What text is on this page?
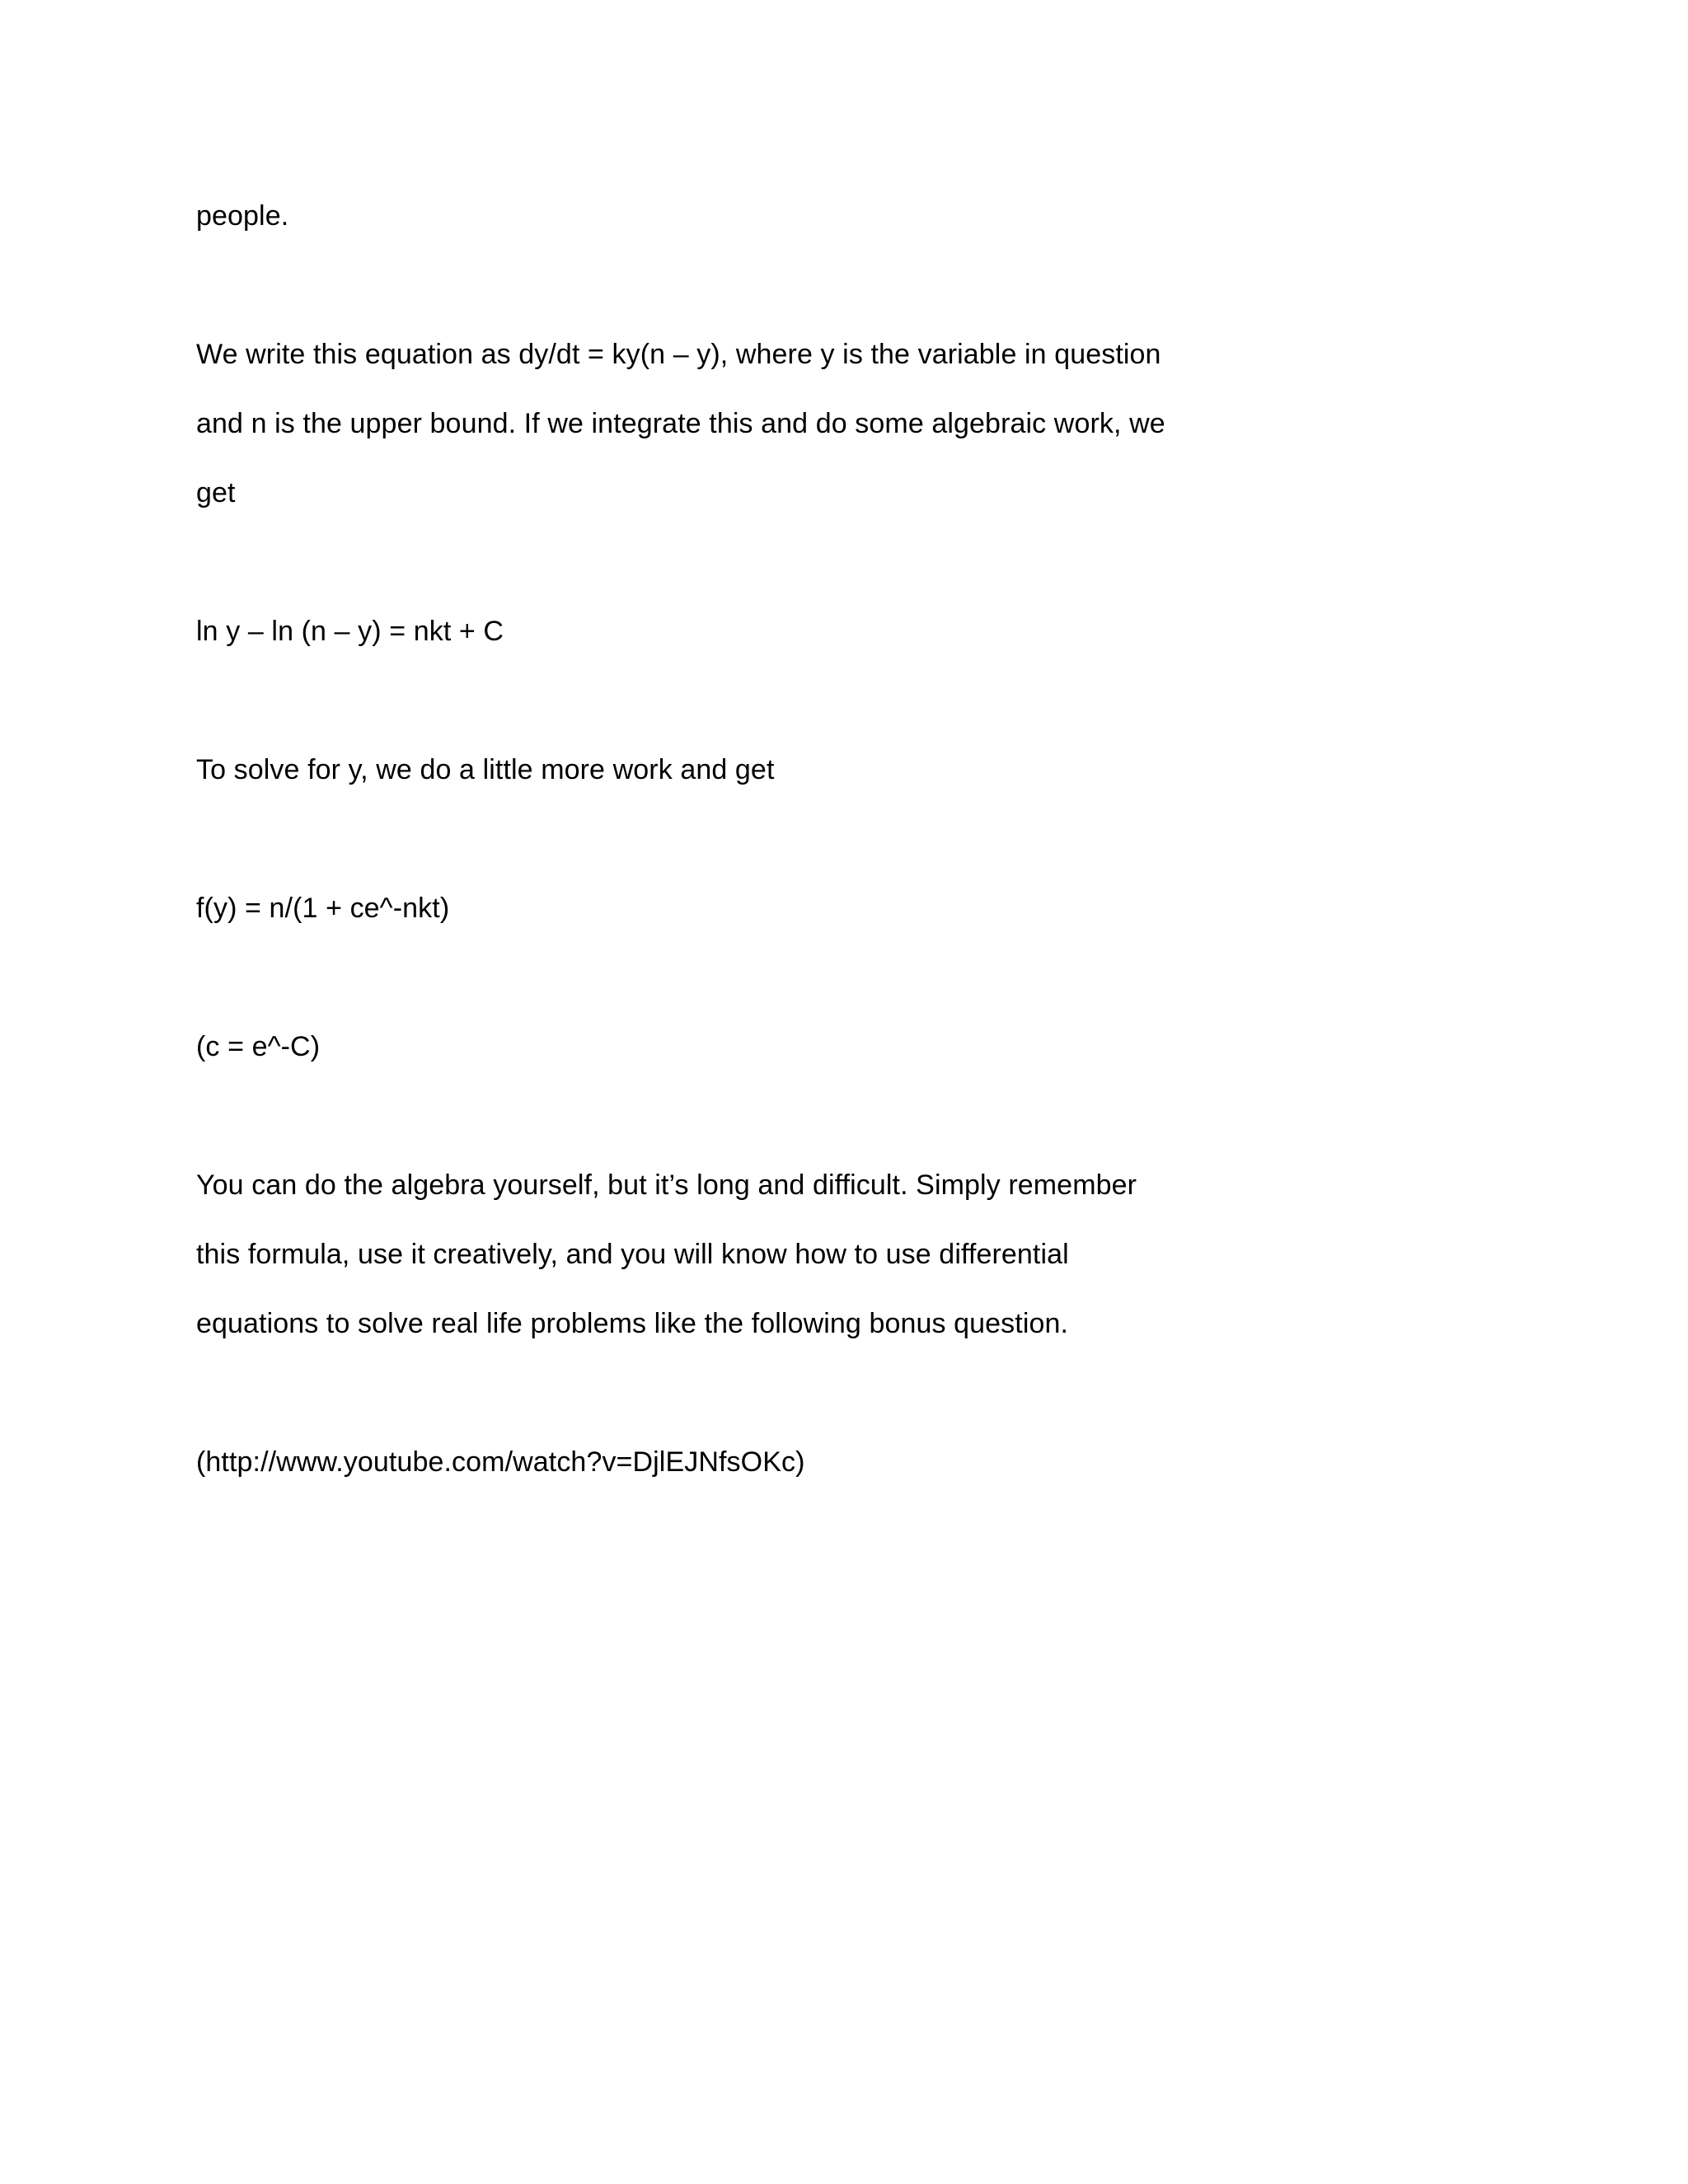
people.
We write this equation as dy/dt = ky(n – y), where y is the variable in question
and n is the upper bound. If we integrate this and do some algebraic work, we
get
ln y – ln (n – y) = nkt + C
To solve for y, we do a little more work and get
f(y) = n/(1 + ce^-nkt)
(c = e^-C)
You can do the algebra yourself, but it’s long and difficult. Simply remember
this formula, use it creatively, and you will know how to use differential
equations to solve real life problems like the following bonus question.
(http://www.youtube.com/watch?v=DjlEJNfsOKc)
